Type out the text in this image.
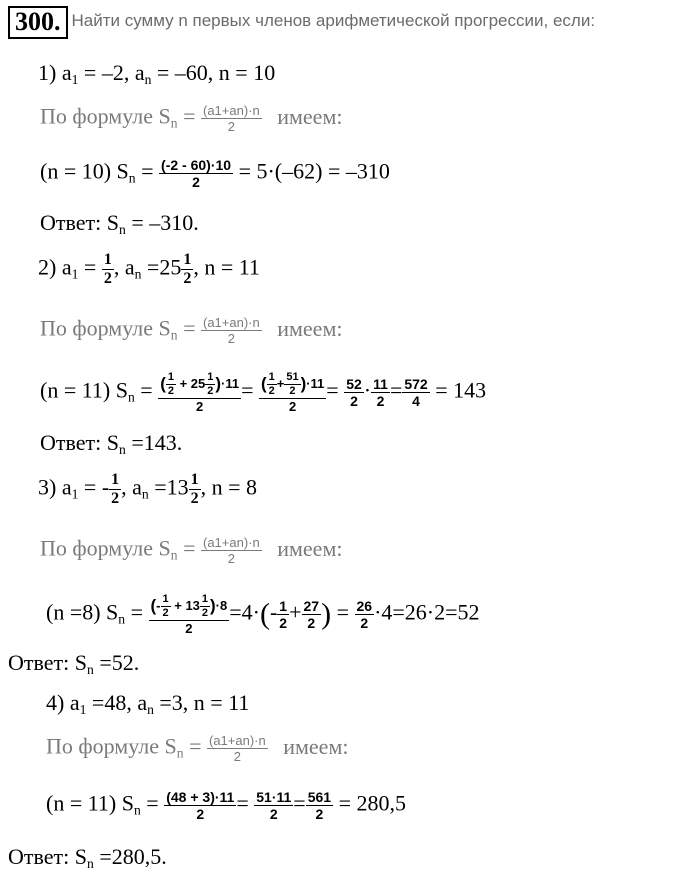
300. Найти сумму n первых членов арифметической прогрессии, если:
1) $a_1 = -2$, $a_n = -60$, n = 10
По формуле $S_n = \frac{(a1+an)\cdot n}{2}$ имеем:
(n = 10) $S_n = \frac{(-2 - 60)\cdot 10}{2} = 5\cdot(-62) = -310$
Ответ: $S_n = -310$.
2) $a_1 = \frac{1}{2}$ , $a_n =25 \frac{1}{2}$ , n = 11
По формуле $S_n = \frac{(a1+an)\cdot n}{2}$ имеем:
(n = 11) $S_n = \frac{( \frac{1}{2} + 25 \frac{1}{2} )\cdot 11}{2} = \frac{( \frac{1}{2} + \frac{51}{2} )\cdot 11}{2} = \frac{52}{2} \cdot \frac{11}{2} = \frac{572}{4} = 143$
Ответ: $S_n =143$.
3) $a_1$ = - $\frac{1}{2}$ , $a_n =13 \frac{1}{2}$ , n = 8
По формуле $S_n = \frac{(a1+an)\cdot n}{2}$ имеем:
(n =8) $S_n = \frac{(- \frac{1}{2} + 13 \frac{1}{2} )\cdot 8}{2} =4\cdot(- \frac{1}{2} + \frac{27}{2}$ ) = $\frac{26}{2} \cdot 4=26\cdot 2=52$
Ответ: $S_n =52$.
4) $a_1 =48$, $a_n =3$, n = 11
По формуле $S_n = \frac{(a1+an)\cdot n}{2}$ имеем:
(n = 11) $S_n = \frac{(48 + 3)\cdot 11}{2} = \frac{51\cdot 11}{2} = \frac{561}{2} = 280,5$
Ответ: $S_n =280,5$.
